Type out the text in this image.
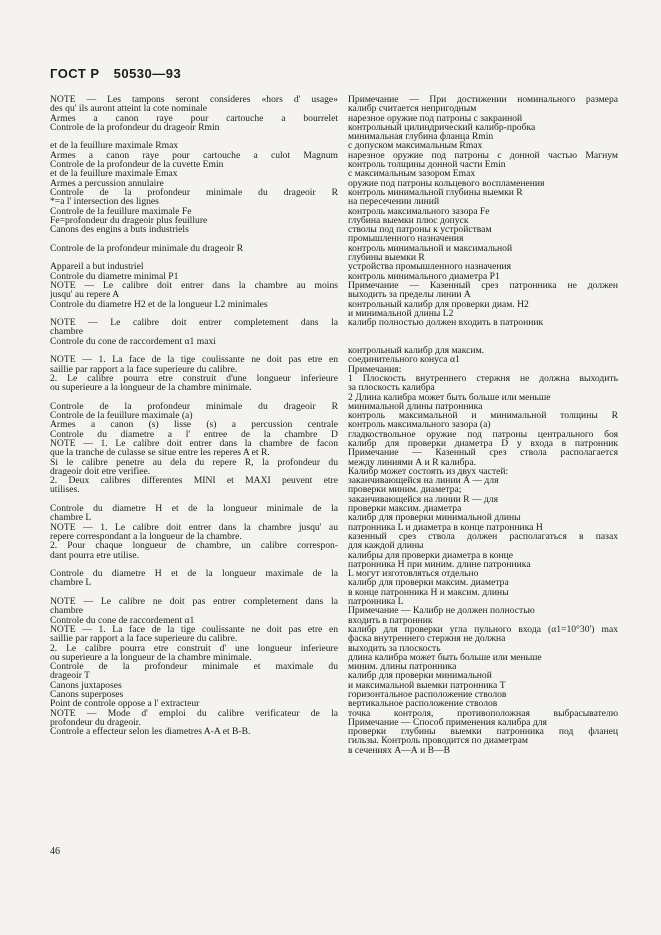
ГОСТ Р 50530—93
NOTE — Les tampons seront consideres «hors d' usage»
des qu' ils auront atteint la cote nominale
Armes a canon raye pour cartouche a bourrelet
Controle de la profondeur du drageoir Rmin
et de la feuillure maximale Rmax
Armes a canon raye pour cartouche a culot Magnum
Controle de la profondeur de la cuvette Emin
et de la feuillure maximale Emax
Armes a percussion annulaire
Controle de la profondeur minimale du drageoir R
*=a l' intersection des lignes
Controle de la feuillure maximale Fe
Fe=profondeur du drageoir plus feuillure
Canons des engins a buts industriels
Controle de la profondeur minimale du drageoir R
Appareil a but industriel
Controle du diametre minimal P1
NOTE — Le calibre doit entrer dans la chambre au moins
jusqu' au repere A
Controle du diametre H2 et de la longueur L2 minimales
NOTE — Le calibre doit entrer completement dans la
chambre
Controle du cone de raccordement α1 maxi
NOTE — 1. La face de la tige coulissante ne doit pas etre en
saillie par rapport a la face superieure du calibre.
2. Le calibre pourra etre construit d'une longueur inferieure
ou superieure a la longueur de la chambre minimale.
Controle de la profondeur minimale du drageoir R
Controle de la feuillure maximale (a)
Armes a canon (s) lisse (s) a percussion centrale
Controle du diametre a l' entree de la chambre D
NOTE — 1. Le calibre doit entrer dans la chambre de facon
que la tranche de culasse se situe entre les reperes A et R.
Si le calibre penetre au dela du repere R, la profondeur du
drageoir doit etre verifiee.
2. Deux calibres differentes MINI et MAXI peuvent etre
utilises.
Controle du diametre H et de la longueur minimale de la
chambre L
NOTE — 1. Le calibre doit entrer dans la chambre jusqu' au
repere correspondant a la longueur de la chambre.
2. Pour chaque longueur de chambre, un calibre correspon-
dant pourra etre utilise.
Controle du diametre H et de la longueur maximale de la
chambre L
NOTE — Le calibre ne doit pas entrer completement dans la
chambre
Controle du cone de raccordement α1
NOTE — 1. La face de la tige coulissante ne doit pas etre en
saillie par rapport a la face superieure du calibre.
2. Le calibre pourra etre construit d' une longueur inferieure
ou superieure a la longueur de la chambre minimale.
Controle de la profondeur minimale et maximale du
drageoir T
Canons juxtaposes
Canons superposes
Point de controle oppose a l' extracteur
NOTE — Mode d' emploi du calibre verificateur de la
profondeur du drageoir.
Controle a effecteur selon les diametres A-A et B-B.
Примечание — При достижении номинального размера
калибр считается непригодным
нарезное оружие под патроны с закраиной
контрольный цилиндрический калибр-пробка
минимальная глубина фланца Rmin
с допуском максимальным Rmax
нарезное оружие под патроны с донной частью Магнум
контроль толщины донной части Emin
с максимальным зазором Emax
оружие под патроны кольцевого воспламенения
контроль минимальной глубины выемки R
на пересечении линий
контроль максимального зазора Fe
глубина выемки плюс допуск
стволы под патроны к устройствам
промышленного назначения
контроль минимальной и максимальной
глубины выемки R
устройства промышленного назначения
контроль минимального диаметра P1
Примечание — Казенный срез патронника не должен
выходить за пределы линии А
контрольный калибр для проверки диам. H2
и минимальной длины L2
калибр полностью должен входить в патронник
контрольный калибр для максим.
соединительного конуса α1
Примечания:
1 Плоскость внутреннего стержня не должна выходить
за плоскость калибра
2 Длина калибра может быть больше или меньше
минимальной длины патронника
контроль максимальной и минимальной толщины R
контроль максимального зазора (а)
гладкоствольное оружие под патроны центрального боя
калибр для проверки диаметра D у входа в патронник
Примечание — Казенный срез ствола располагается
между линиями А и R калибра.
Калибр может состоять из двух частей:
заканчивающейся на линии А — для
проверки миним. диаметра;
заканчивающейся на линии R — для
проверки максим. диаметра
калибр для проверки минимальной длины
патронника L и диаметра в конце патронника H
казенный срез ствола должен располагаться в пазах
для каждой длины
калибры для проверки диаметра в конце
патронника H при миним. длине патронника
L могут изготовляться отдельно
калибр для проверки максим. диаметра
в конце патронника H и максим. длины
патронника L
Примечание — Калибр не должен полностью
входить в патронник
калибр для проверки угла пульного входа (α1=10°30') max
фаска внутреннего стержня не должна
выходить за плоскость
длина калибра может быть больше или меньше
миним. длины патронника
калибр для проверки минимальной
и максимальной выемки патронника T
горизонтальное расположение стволов
вертикальное расположение стволов
точка контроля, противоположная выбрасывателю
Примечание — Способ применения калибра для
проверки глубины выемки патронника под фланец
гильзы. Контроль проводится по диаметрам
в сечениях А—А и В—В
46
